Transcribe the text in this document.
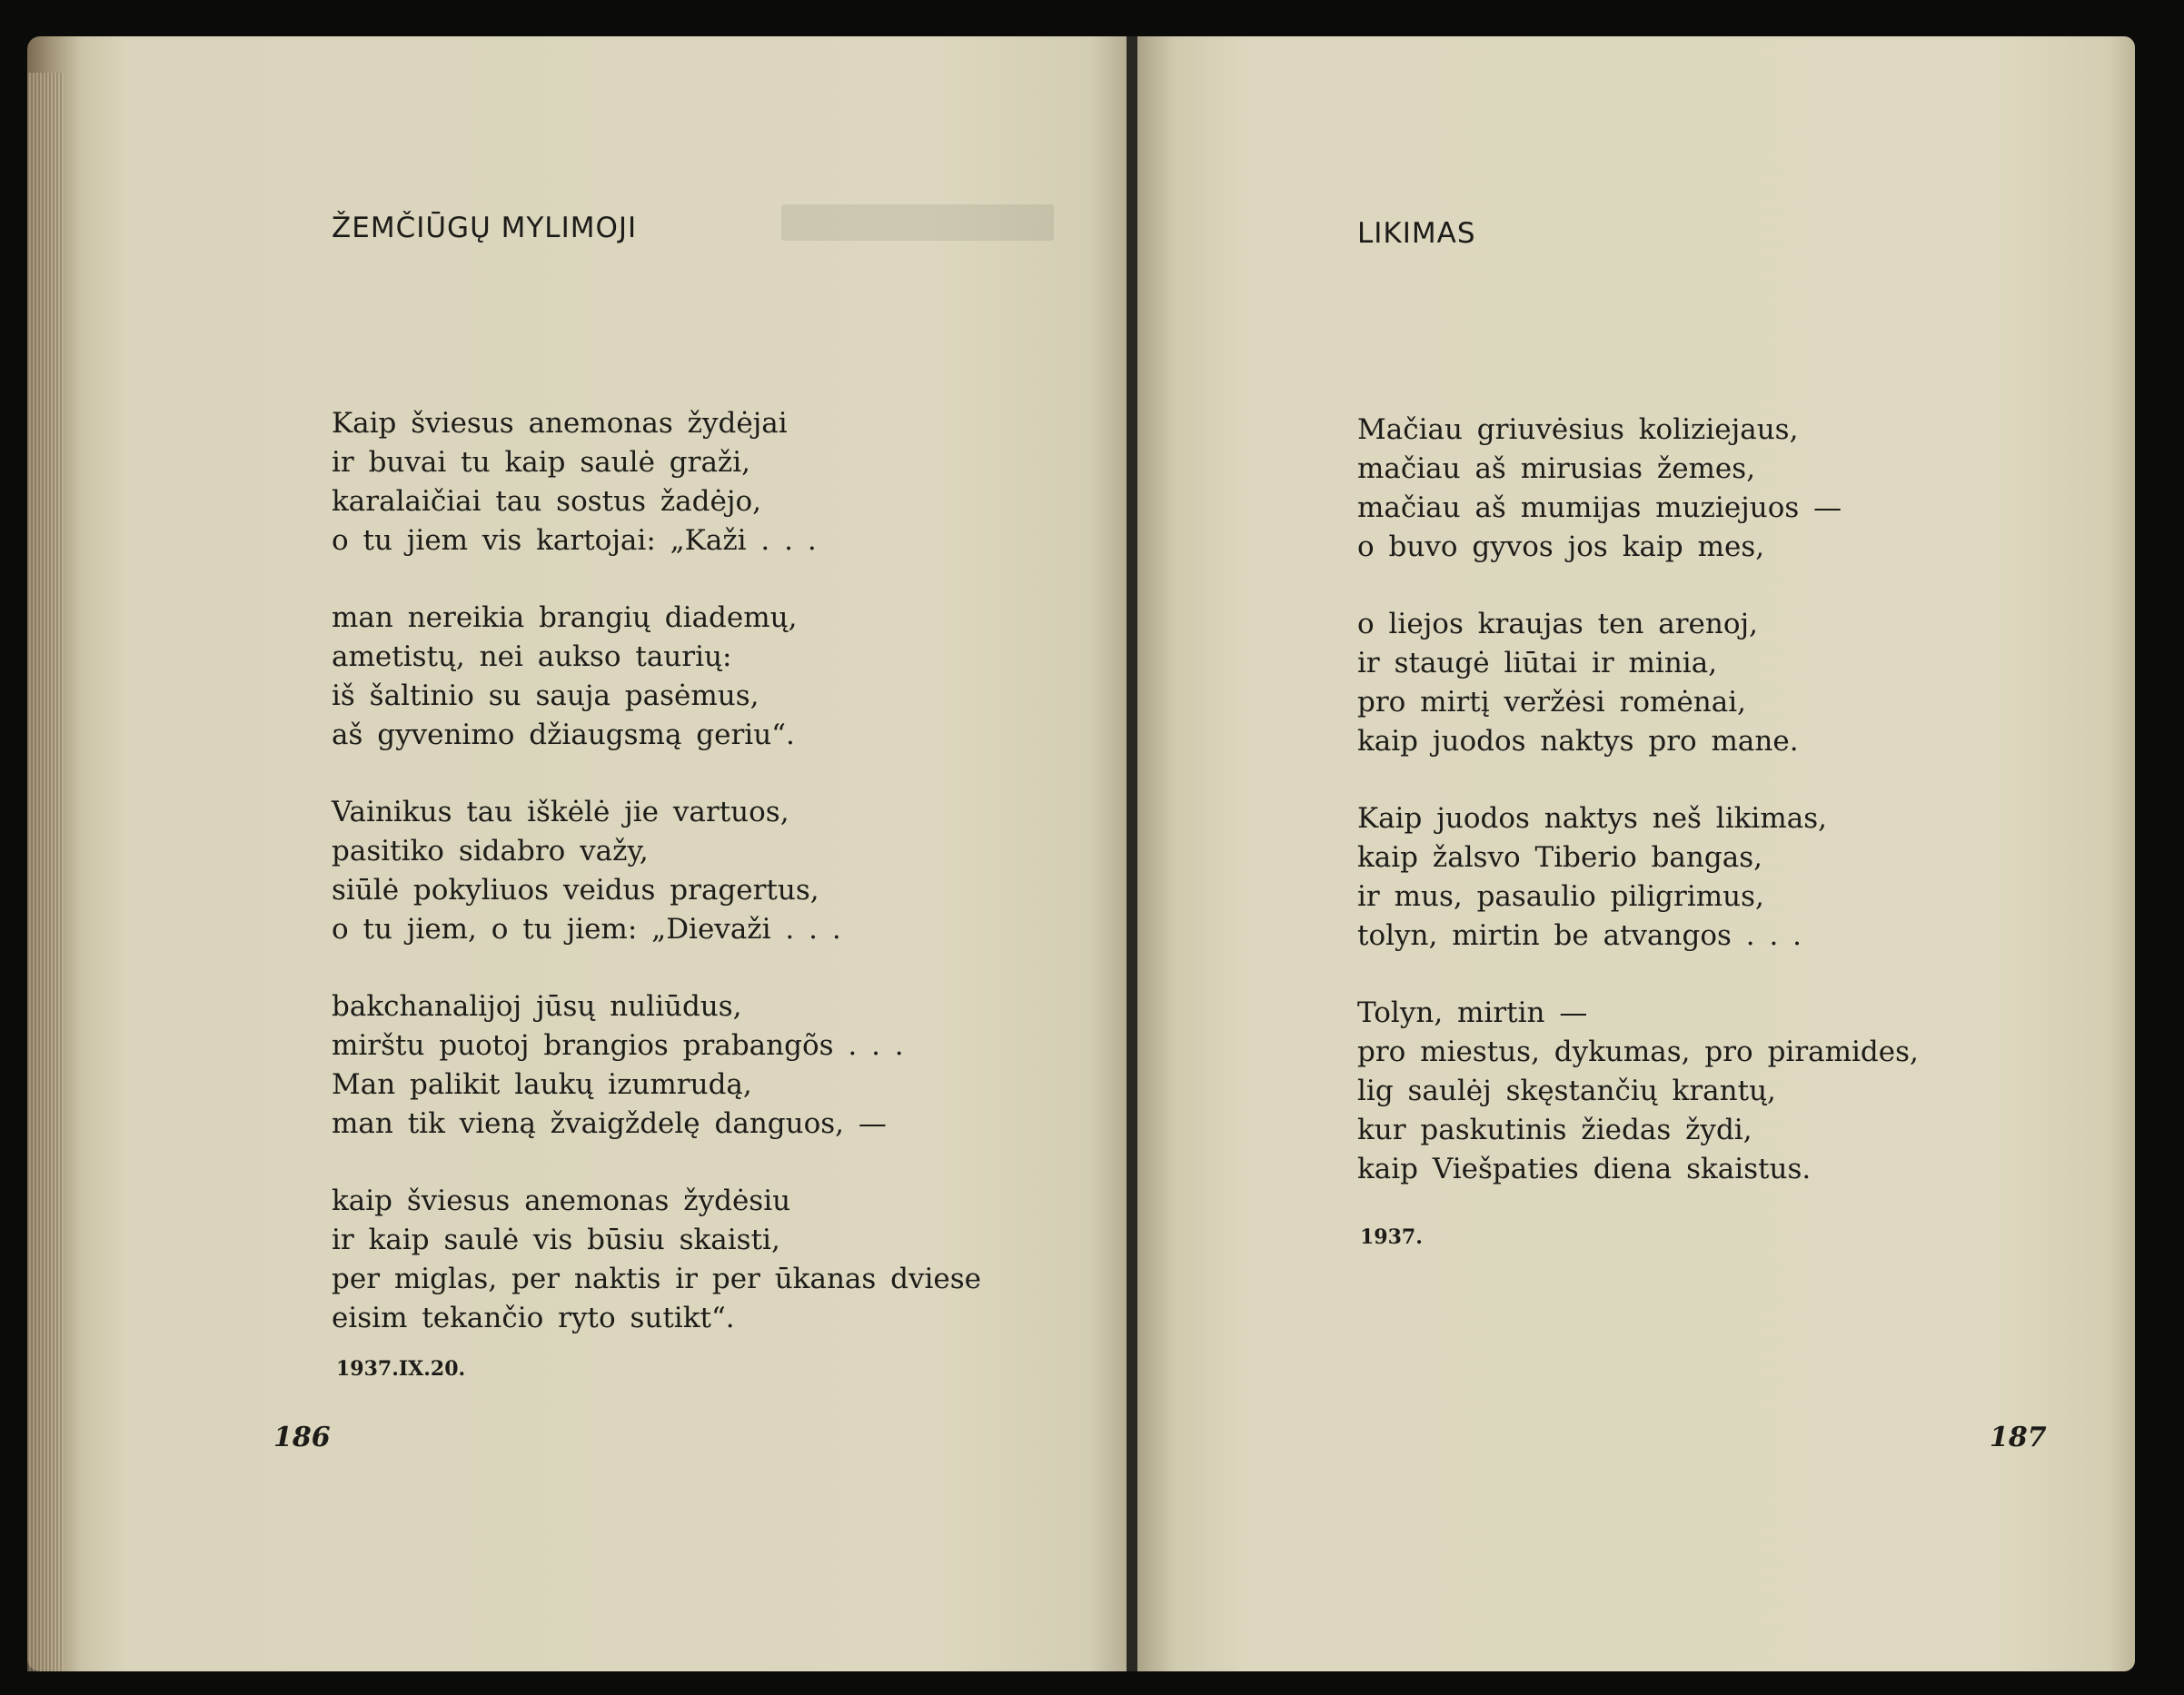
ŽEMČIŪGŲ MYLIMOJI
Kaip šviesus anemonas žydėjai
ir buvai tu kaip saulė graži,
karalaičiai tau sostus žadėjo,
o tu jiem vis kartojai: „Kaži . . .
man nereikia brangių diademų,
ametistų, nei aukso taurių:
iš šaltinio su sauja pasėmus,
aš gyvenimo džiaugsmą geriu“.
Vainikus tau iškėlė jie vartuos,
pasitiko sidabro važy,
siūlė pokyliuos veidus pragertus,
o tu jiem, o tu jiem: „Dievaži . . .
bakchanalijoj jūsų nuliūdus,
mirštu puotoj brangios prabangõs . . .
Man palikit laukų izumrudą,
man tik vieną žvaigždelę danguos, —
kaip šviesus anemonas žydėsiu
ir kaip saulė vis būsiu skaisti,
per miglas, per naktis ir per ūkanas dviese
eisim tekančio ryto sutikt“.
1937.IX.20.
186
LIKIMAS
Mačiau griuvėsius koliziejaus,
mačiau aš mirusias žemes,
mačiau aš mumijas muziejuos —
o buvo gyvos jos kaip mes,
o liejos kraujas ten arenoj,
ir staugė liūtai ir minia,
pro mirtį veržėsi romėnai,
kaip juodos naktys pro mane.
Kaip juodos naktys neš likimas,
kaip žalsvo Tiberio bangas,
ir mus, pasaulio piligrimus,
tolyn, mirtin be atvangos . . .
Tolyn, mirtin —
pro miestus, dykumas, pro piramides,
lig saulėj skęstančių krantų,
kur paskutinis žiedas žydi,
kaip Viešpaties diena skaistus.
1937.
187
